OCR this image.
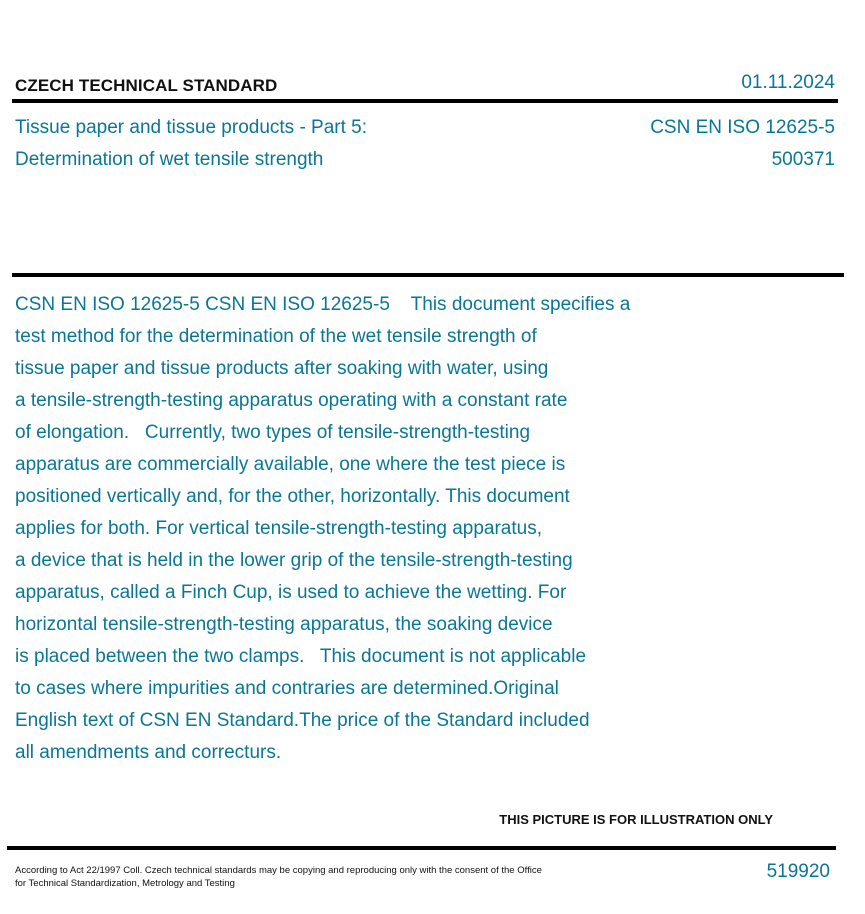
CZECH TECHNICAL STANDARD	01.11.2024
Tissue paper and tissue products - Part 5:
Determination of wet tensile strength
CSN EN ISO 12625-5
500371
CSN EN ISO 12625-5 CSN EN ISO 12625-5    This document specifies a
test method for the determination of the wet tensile strength of
tissue paper and tissue products after soaking with water, using
a tensile-strength-testing apparatus operating with a constant rate
of elongation.   Currently, two types of tensile-strength-testing
apparatus are commercially available, one where the test piece is
positioned vertically and, for the other, horizontally. This document
applies for both. For vertical tensile-strength-testing apparatus,
a device that is held in the lower grip of the tensile-strength-testing
apparatus, called a Finch Cup, is used to achieve the wetting. For
horizontal tensile-strength-testing apparatus, the soaking device
is placed between the two clamps.   This document is not applicable
to cases where impurities and contraries are determined.Original
English text of CSN EN Standard.The price of the Standard included
all amendments and correcturs.
THIS PICTURE IS FOR ILLUSTRATION ONLY
According to Act 22/1997 Coll. Czech technical standards may be copying and reproducing only with the consent of the Office
for Technical Standardization, Metrology and Testing
519920
